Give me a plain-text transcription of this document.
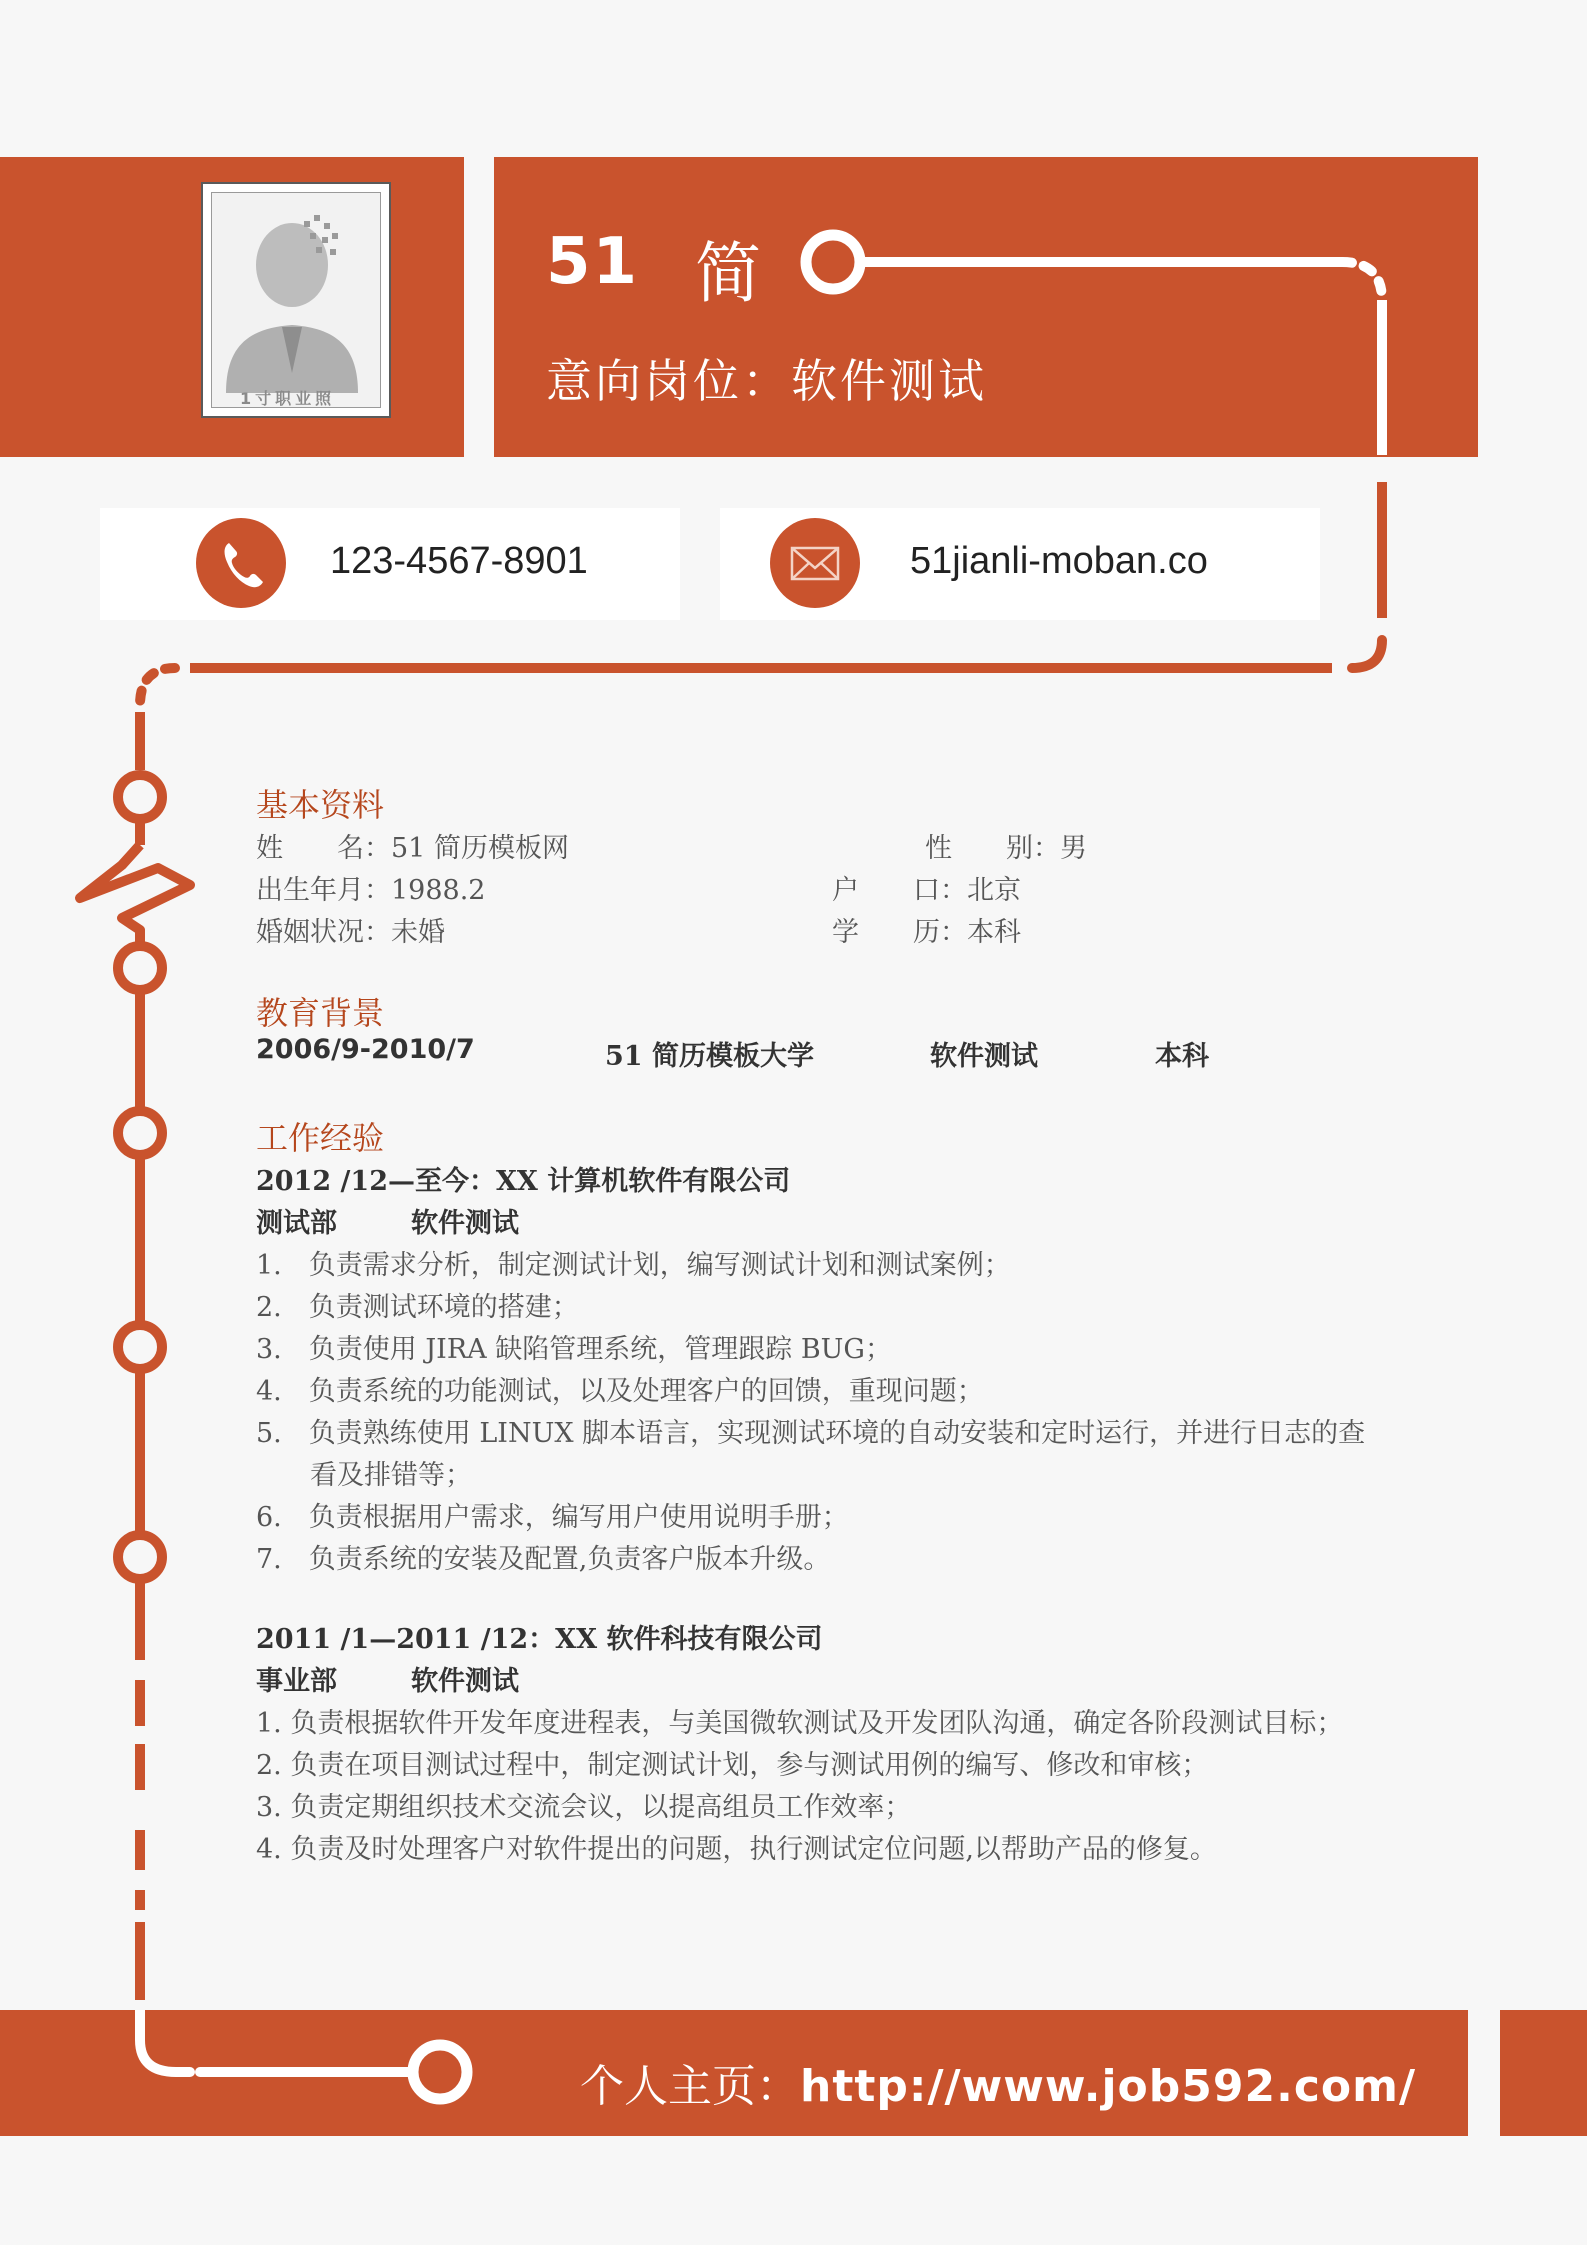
1寸职业照
51 简
意向岗位：软件测试
123-4567-8901	51jianli-moban.co
基本资料
姓　　名：51 简历模板网	性　　别：男
出生年月：1988.2	户　　口：北京
婚姻状况：未婚	学　　历：本科
教育背景
2006/9-2010/7	51 简历模板大学	软件测试	本科
工作经验
2012 /12—至今：XX 计算机软件有限公司
测试部	软件测试
1.　负责需求分析，制定测试计划，编写测试计划和测试案例；
2.　负责测试环境的搭建；
3.　负责使用 JIRA 缺陷管理系统，管理跟踪 BUG；
4.　负责系统的功能测试，以及处理客户的回馈，重现问题；
5.　负责熟练使用 LINUX 脚本语言，实现测试环境的自动安装和定时运行，并进行日志的查
　　看及排错等；
6.　负责根据用户需求，编写用户使用说明手册；
7.　负责系统的安装及配置,负责客户版本升级。
2011 /1—2011 /12：XX 软件科技有限公司
事业部	软件测试
1. 负责根据软件开发年度进程表，与美国微软测试及开发团队沟通，确定各阶段测试目标；
2. 负责在项目测试过程中，制定测试计划，参与测试用例的编写、修改和审核；
3. 负责定期组织技术交流会议，以提高组员工作效率；
4. 负责及时处理客户对软件提出的问题，执行测试定位问题,以帮助产品的修复。
个人主页：http://www.job592.com/
